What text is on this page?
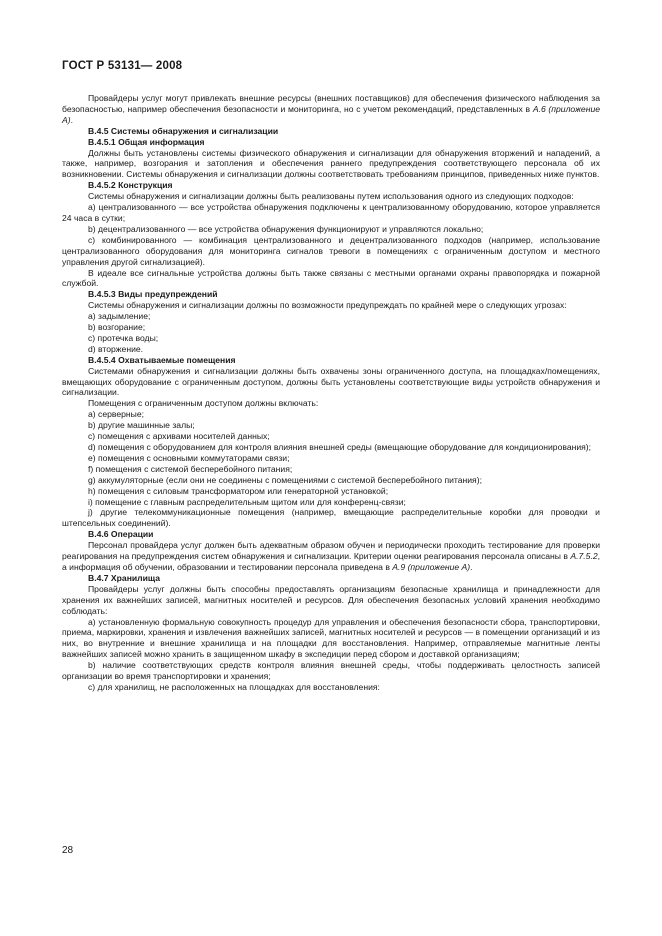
ГОСТ Р 53131— 2008

Провайдеры услуг могут привлекать внешние ресурсы (внешних поставщиков) для обеспечения физического наблюдения за безопасностью, например обеспечения безопасности и мониторинга, но с учетом рекомендаций, представленных в А.6 (приложение А).

В.4.5 Системы обнаружения и сигнализации

В.4.5.1 Общая информация

Должны быть установлены системы физического обнаружения и сигнализации для обнаружения вторжений и нападений, а также, например, возгорания и затопления и обеспечения раннего предупреждения соответствующего персонала об их возникновении. Системы обнаружения и сигнализации должны соответствовать требованиям принципов, приведенных ниже пунктов.

В.4.5.2 Конструкция

Системы обнаружения и сигнализации должны быть реализованы путем использования одного из следующих подходов:

а) централизованного — все устройства обнаружения подключены к централизованному оборудованию, которое управляется 24 часа в сутки;

b) децентрализованного — все устройства обнаружения функционируют и управляются локально;

с) комбинированного — комбинация централизованного и децентрализованного подходов (например, использование централизованного оборудования для мониторинга сигналов тревоги в помещениях с ограниченным доступом и местного управления другой сигнализацией).

В идеале все сигнальные устройства должны быть также связаны с местными органами охраны правопорядка и пожарной службой.

В.4.5.3 Виды предупреждений

Системы обнаружения и сигнализации должны по возможности предупреждать по крайней мере о следующих угрозах:

а) задымление;

b) возгорание;

с) протечка воды;

d) вторжение.

В.4.5.4 Охватываемые помещения

Системами обнаружения и сигнализации должны быть охвачены зоны ограниченного доступа, на площадках/помещениях, вмещающих оборудование с ограниченным доступом, должны быть установлены соответствующие виды устройств обнаружения и сигнализации.

Помещения с ограниченным доступом должны включать:

а) серверные;

b) другие машинные залы;

с) помещения с архивами носителей данных;

d) помещения с оборудованием для контроля влияния внешней среды (вмещающие оборудование для кондиционирования);

е) помещения с основными коммутаторами связи;

f) помещения с системой бесперебойного питания;

g) аккумуляторные (если они не соединены с помещениями с системой бесперебойного питания);

h) помещения с силовым трансформатором или генераторной установкой;

i) помещение с главным распределительным щитом или для конференц-связи;

j) другие телекоммуникационные помещения (например, вмещающие распределительные коробки для проводки и штепсельных соединений).

В.4.6 Операции

Персонал провайдера услуг должен быть адекватным образом обучен и периодически проходить тестирование для проверки реагирования на предупреждения систем обнаружения и сигнализации. Критерии оценки реагирования персонала описаны в А.7.5.2, а информация об обучении, образовании и тестировании персонала приведена в А.9 (приложение А).

В.4.7 Хранилища

Провайдеры услуг должны быть способны предоставлять организациям безопасные хранилища и принадлежности для хранения их важнейших записей, магнитных носителей и ресурсов. Для обеспечения безопасных условий хранения необходимо соблюдать:

а) установленную формальную совокупность процедур для управления и обеспечения безопасности сбора, транспортировки, приема, маркировки, хранения и извлечения важнейших записей, магнитных носителей и ресурсов — в помещении организаций и из них, во внутренние и внешние хранилища и на площадки для восстановления. Например, отправляемые магнитные ленты важнейших записей можно хранить в защищенном шкафу в экспедиции перед сбором и доставкой организациям;

b) наличие соответствующих средств контроля влияния внешней среды, чтобы поддерживать целостность записей организации во время транспортировки и хранения;

с) для хранилищ, не расположенных на площадках для восстановления:

28
